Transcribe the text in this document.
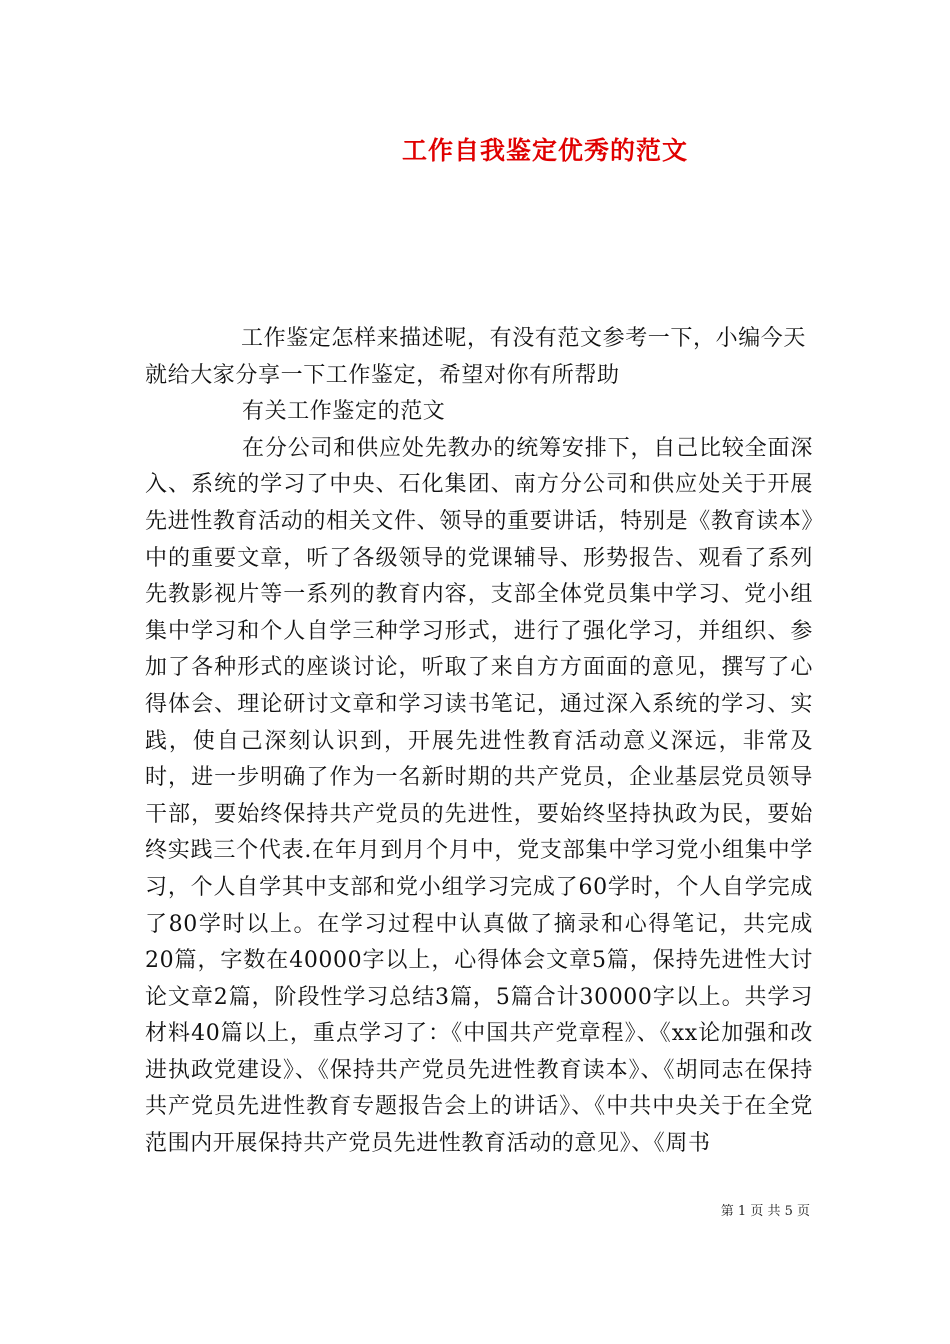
工作自我鉴定优秀的范文

工作鉴定怎样来描述呢，有没有范文参考一下，小编今天就给大家分享一下工作鉴定，希望对你有所帮助

有关工作鉴定的范文

在分公司和供应处先教办的统筹安排下，自己比较全面深入、系统的学习了中央、石化集团、南方分公司和供应处关于开展先进性教育活动的相关文件、领导的重要讲话，特别是《教育读本》中的重要文章，听了各级领导的党课辅导、形势报告、观看了系列先教影视片等一系列的教育内容，支部全体党员集中学习、党小组集中学习和个人自学三种学习形式，进行了强化学习，并组织、参加了各种形式的座谈讨论，听取了来自方方面面的意见，撰写了心得体会、理论研讨文章和学习读书笔记，通过深入系统的学习、实践，使自己深刻认识到，开展先进性教育活动意义深远，非常及时，进一步明确了作为一名新时期的共产党员，企业基层党员领导干部，要始终保持共产党员的先进性，要始终坚持执政为民，要始终实践三个代表.在年月到月个月中，党支部集中学习党小组集中学习，个人自学其中支部和党小组学习完成了60学时，个人自学完成了80学时以上。在学习过程中认真做了摘录和心得笔记，共完成20篇，字数在40000字以上，心得体会文章5篇，保持先进性大讨论文章2篇，阶段性学习总结3篇，5篇合计30000字以上。共学习材料40篇以上，重点学习了：《中国共产党章程》、《xx论加强和改进执政党建设》、《保持共产党员先进性教育读本》、《胡同志在保持共产党员先进性教育专题报告会上的讲话》、《中共中央关于在全党范围内开展保持共产党员先进性教育活动的意见》、《周书

第 1 页 共 5 页
